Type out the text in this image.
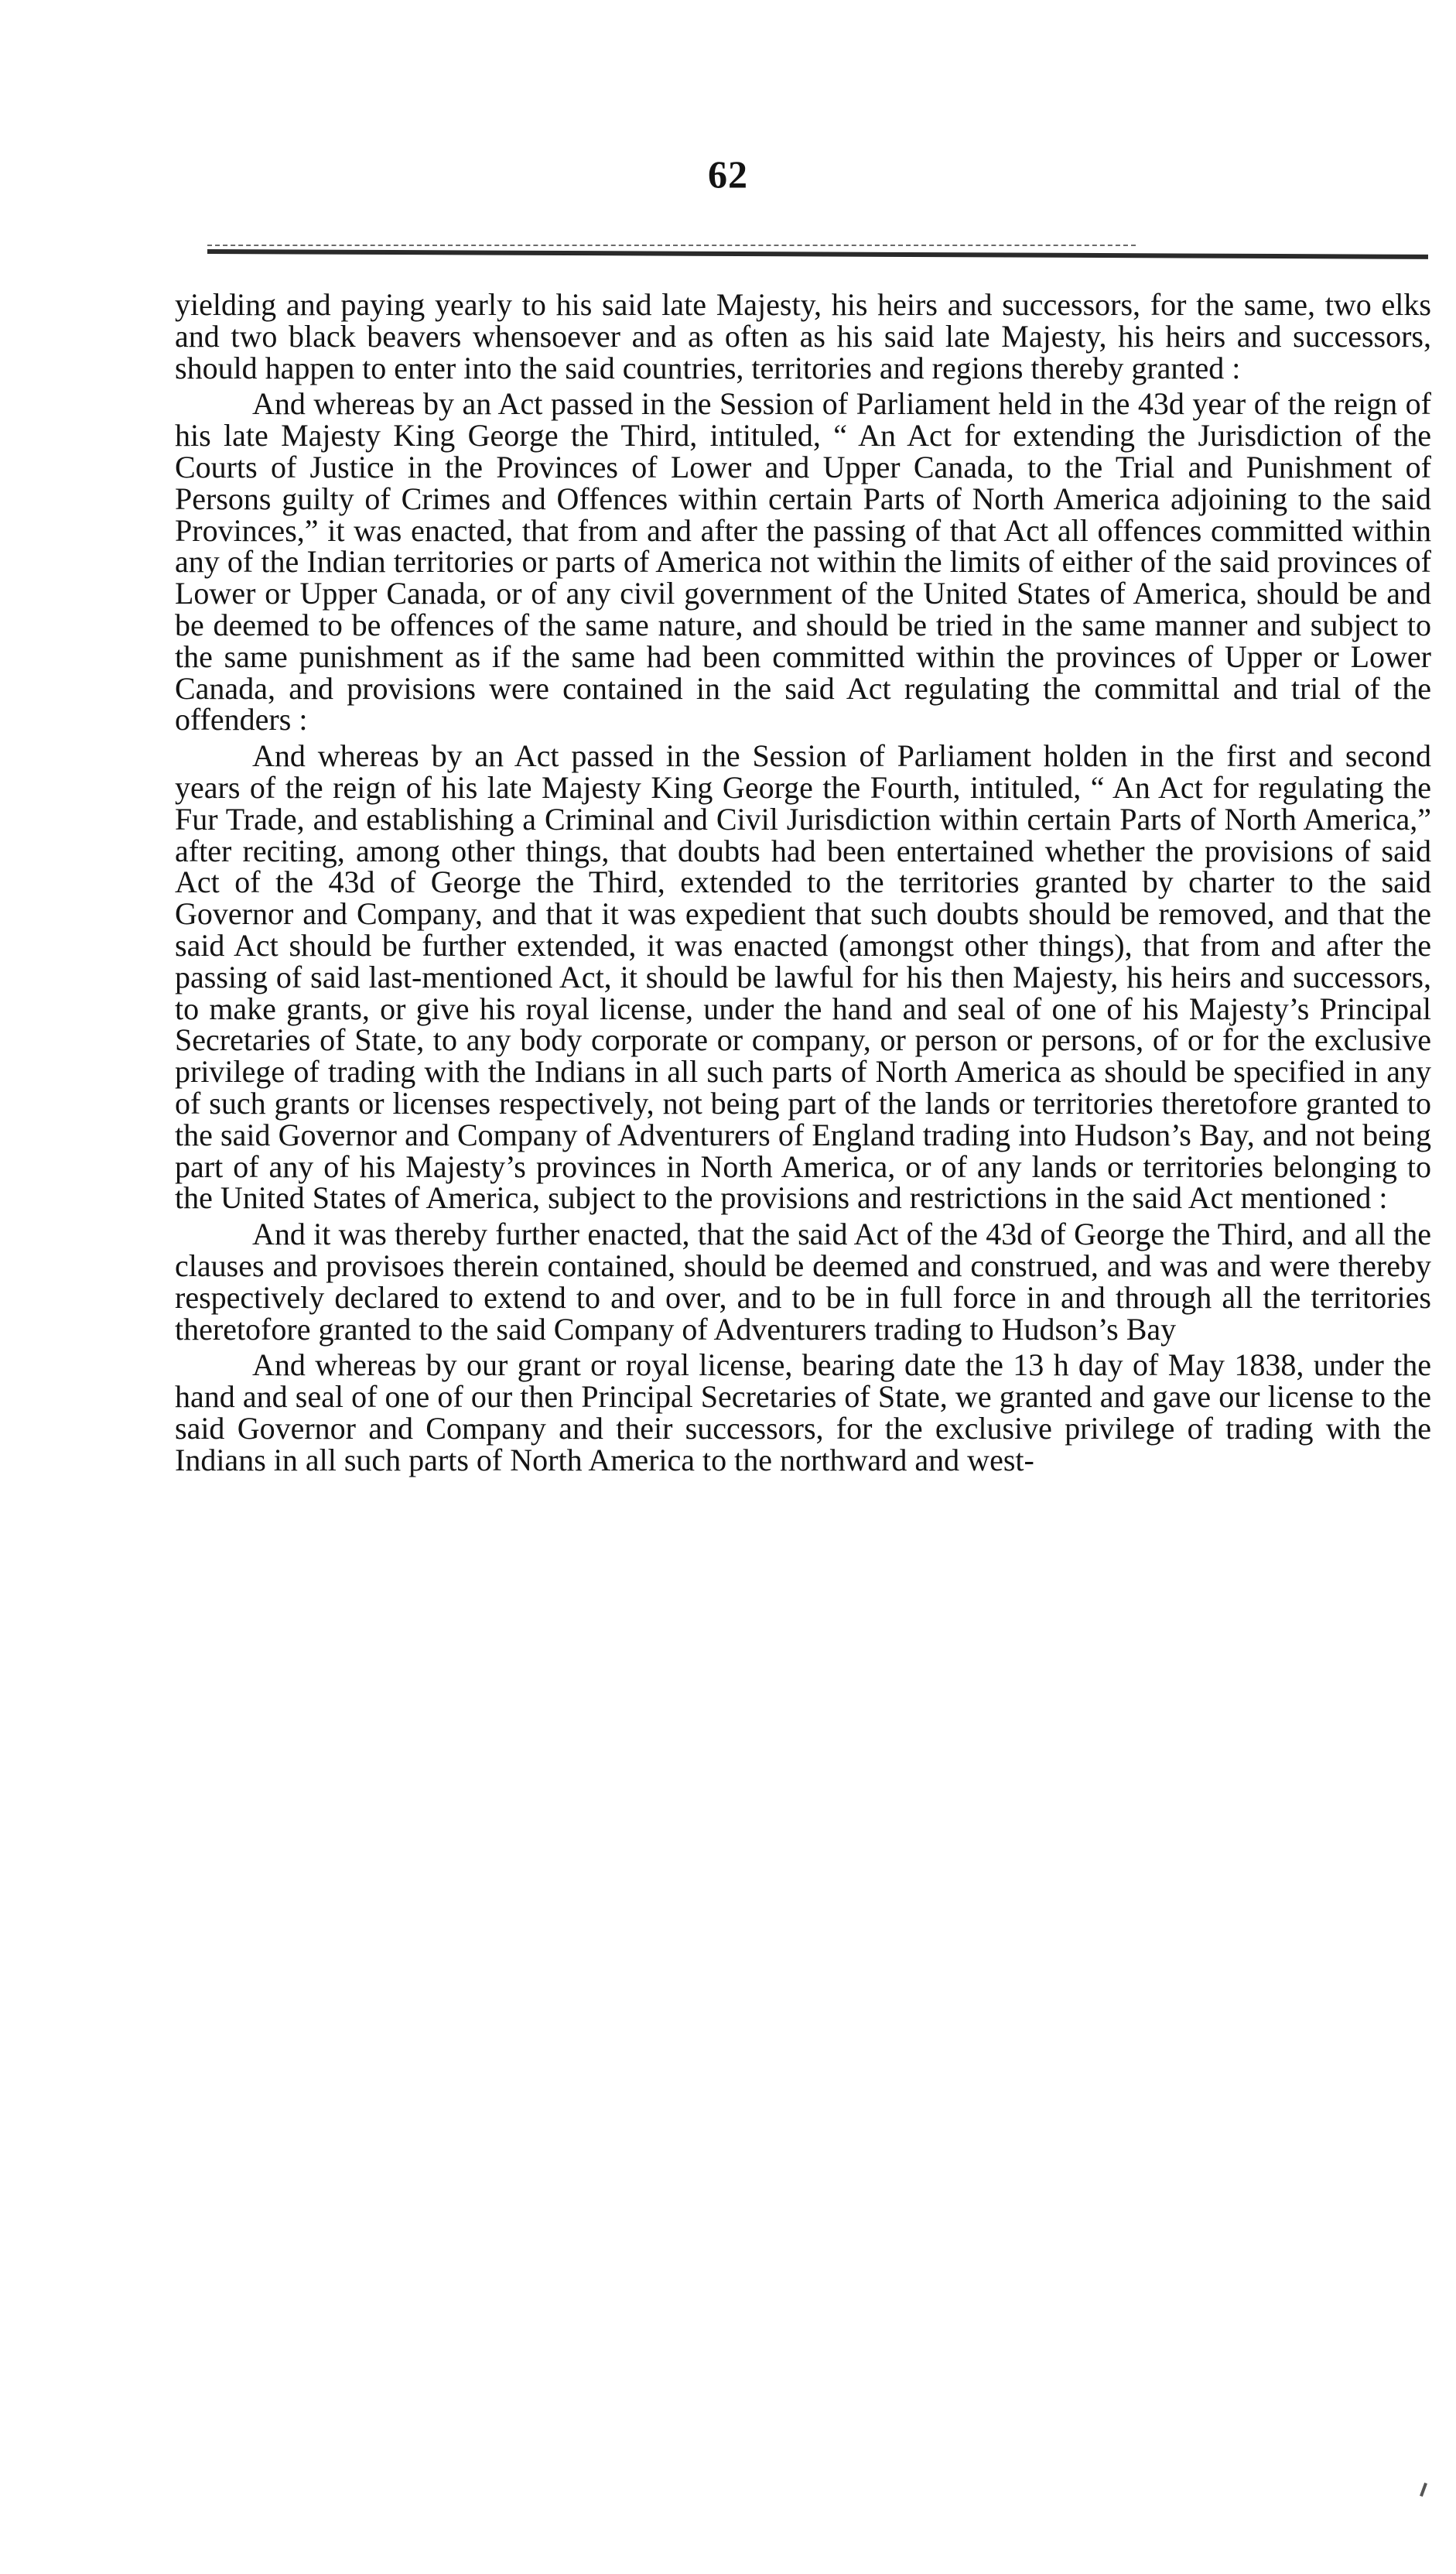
62

yielding and paying yearly to his said late Majesty, his heirs and successors, for the same, two elks and two black beavers whensoever and as often as his said late Majesty, his heirs and successors, should happen to enter into the said countries, territories and regions thereby granted :

And whereas by an Act passed in the Session of Parliament held in the 43d year of the reign of his late Majesty King George the Third, intituled, “ An Act for extending the Jurisdiction of the Courts of Justice in the Provinces of Lower and Upper Canada, to the Trial and Punishment of Persons guilty of Crimes and Offences within certain Parts of North America adjoining to the said Provinces,” it was enacted, that from and after the passing of that Act all offences committed within any of the Indian territories or parts of America not within the limits of either of the said provinces of Lower or Upper Canada, or of any civil government of the United States of America, should be and be deemed to be offences of the same nature, and should be tried in the same manner and subject to the same punishment as if the same had been committed within the provinces of Upper or Lower Canada, and provisions were contained in the said Act regulating the committal and trial of the offenders :

And whereas by an Act passed in the Session of Parliament holden in the first and second years of the reign of his late Majesty King George the Fourth, intituled, “ An Act for regulating the Fur Trade, and establishing a Criminal and Civil Jurisdiction within certain Parts of North America,” after reciting, among other things, that doubts had been entertained whether the provisions of said Act of the 43d of George the Third, extended to the territories granted by charter to the said Governor and Company, and that it was expedient that such doubts should be removed, and that the said Act should be further extended, it was enacted (amongst other things), that from and after the passing of said last-mentioned Act, it should be lawful for his then Majesty, his heirs and successors, to make grants, or give his royal license, under the hand and seal of one of his Majesty’s Principal Secretaries of State, to any body corporate or company, or person or persons, of or for the exclusive privilege of trading with the Indians in all such parts of North America as should be specified in any of such grants or licenses respectively, not being part of the lands or territories theretofore granted to the said Governor and Company of Adventurers of England trading into Hudson’s Bay, and not being part of any of his Majesty’s provinces in North America, or of any lands or territories belonging to the United States of America, subject to the provisions and restrictions in the said Act mentioned :

And it was thereby further enacted, that the said Act of the 43d of George the Third, and all the clauses and provisoes therein contained, should be deemed and construed, and was and were thereby respectively declared to extend to and over, and to be in full force in and through all the territories theretofore granted to the said Company of Adventurers trading to Hudson’s Bay

And whereas by our grant or royal license, bearing date the 13 h day of May 1838, under the hand and seal of one of our then Principal Secretaries of State, we granted and gave our license to the said Governor and Company and their successors, for the exclusive privilege of trading with the Indians in all such parts of North America to the northward and west-
